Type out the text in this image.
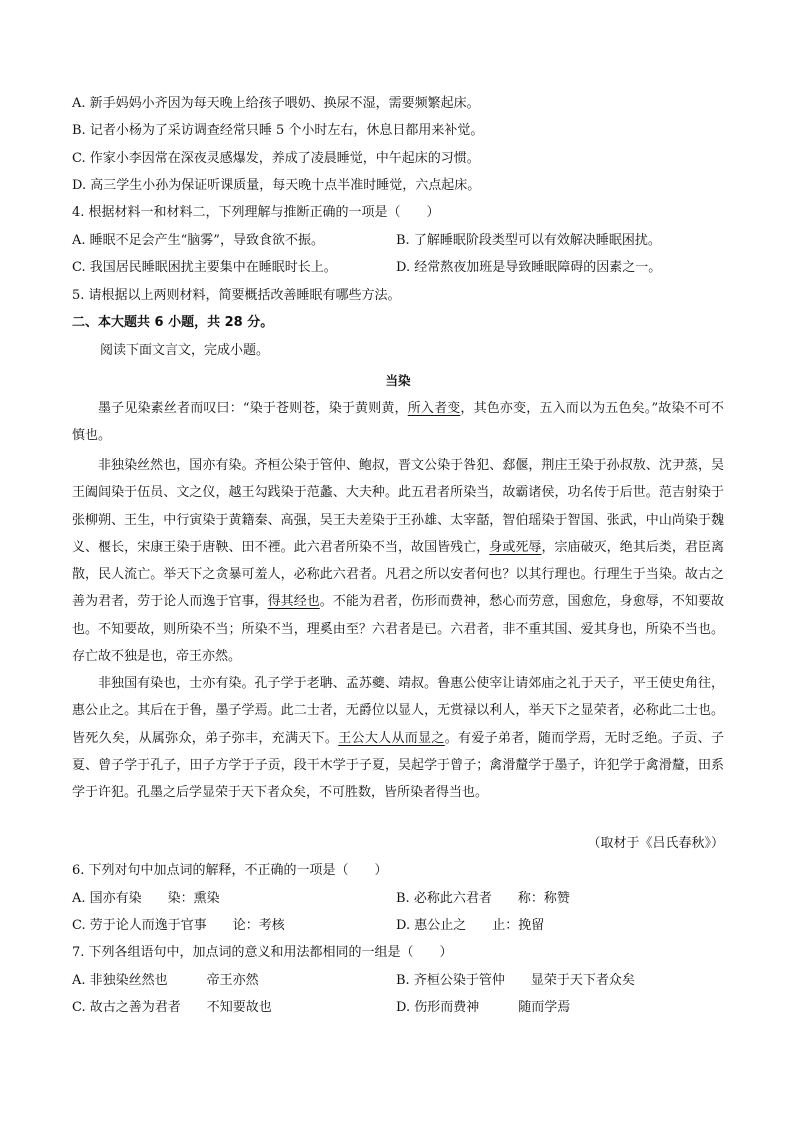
A. 新手妈妈小齐因为每天晚上给孩子喂奶、换尿不湿，需要频繁起床。
B. 记者小杨为了采访调查经常只睡 5 个小时左右，休息日都用来补觉。
C. 作家小李因常在深夜灵感爆发，养成了凌晨睡觉，中午起床的习惯。
D. 高三学生小孙为保证听课质量，每天晚十点半准时睡觉，六点起床。
4. 根据材料一和材料二，下列理解与推断正确的一项是（　　）
A. 睡眠不足会产生“脑雾”，导致食欲不振。	B. 了解睡眠阶段类型可以有效解决睡眠困扰。
C. 我国居民睡眠困扰主要集中在睡眠时长上。	D. 经常熬夜加班是导致睡眠障碍的因素之一。
5. 请根据以上两则材料，简要概括改善睡眠有哪些方法。
二、本大题共 6 小题，共 28 分。
阅读下面文言文，完成小题。
当染
墨子见染素丝者而叹曰：“染于苍则苍，染于黄则黄，所入者变，其色亦变，五入而以为五色矣。”故染不可不慎也。
非独染丝然也，国亦有染。齐桓公染于管仲、鲍叔，晋文公染于咎犯、郄偃，荆庄王染于孙叔敖、沈尹蒸，吴王阖闾染于伍员、文之仪，越王勾践染于范蠡、大夫种。此五君者所染当，故霸诸侯，功名传于后世。范吉射染于张柳朔、王生，中行寅染于黄籍秦、高强，吴王夫差染于王孙雄、太宰嚭，智伯瑶染于智国、张武，中山尚染于魏义、椻长，宋康王染于唐鞅、田不禋。此六君者所染不当，故国皆残亡，身或死辱，宗庙破灭，绝其后类，君臣离散，民人流亡。举天下之贪暴可羞人，必称此六君者。凡君之所以安者何也？以其行理也。行理生于当染。故古之善为君者，劳于论人而逸于官事，得其经也。不能为君者，伤形而费神，愁心而劳意，国愈危，身愈辱，不知要故也。不知要故，则所染不当；所染不当，理奚由至？六君者是已。六君者，非不重其国、爱其身也，所染不当也。存亡故不独是也，帝王亦然。
非独国有染也，士亦有染。孔子学于老聃、孟苏夔、靖叔。鲁惠公使宰让请郊庙之礼于天子，平王使史角往，惠公止之。其后在于鲁，墨子学焉。此二士者，无爵位以显人，无赏禄以利人，举天下之显荣者，必称此二士也。皆死久矣，从属弥众，弟子弥丰，充满天下。王公大人从而显之。有爱子弟者，随而学焉，无时乏绝。子贡、子夏、曾子学于孔子，田子方学于子贡，段干木学于子夏，吴起学于曾子；禽滑釐学于墨子，许犯学于禽滑釐，田系学于许犯。孔墨之后学显荣于天下者众矣，不可胜数，皆所染者得当也。
（取材于《吕氏春秋》）
6. 下列对句中加点词的解释，不正确的一项是（　　）
A. 国亦有染　　染：熏染	B. 必称此六君者　　称：称赞
C. 劳于论人而逸于官事　　论：考核	D. 惠公止之　　止：挽留
7. 下列各组语句中，加点词的意义和用法都相同的一组是（　　）
A. 非独染丝然也　　　帝王亦然	B. 齐桓公染于管仲　　显荣于天下者众矣
C. 故古之善为君者　　不知要故也	D. 伤形而费神　　　随而学焉
